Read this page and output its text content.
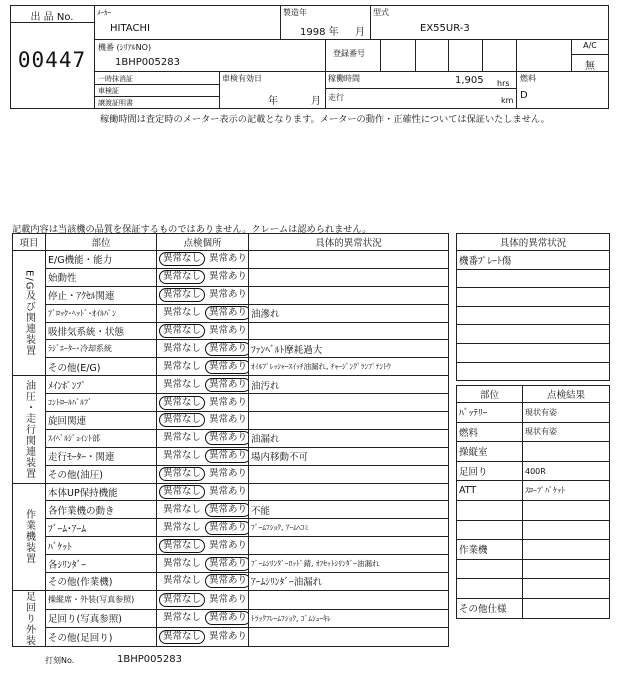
出 品 No.
00447
ﾒｰｶｰ
HITACHI
製造年
1998 年 月
型式
EX55UR-3
機番 (ｼﾘｱﾙNO)
1BHP005283
登録番号
A/C
無
一時抹消証
車検証
譲渡証明書
車検有効日
年	月
稼働時間	1,905 hrs
走行	km
燃料
D
稼働時間は査定時のメーター表示の記載となります。メーターの動作・正確性については保証いたしません。
記載内容は当該機の品質を保証するものではありません。クレームは認められません。
項目	部位	点検個所	具体的異常状況

E/G及び関連装置	E/G機能・能力	異常なし 異常あり	
	始動性	異常なし 異常あり	
	停止・ｱｸｾﾙ関連	異常なし 異常あり	
	ﾌﾞﾛｯｸ･ﾍｯﾄﾞ･ｵｲﾙﾊﾟﾝ	異常なし 異常あり	油滲れ
	吸排気系統・状態	異常なし 異常あり	
	ﾗｼﾞｴｰﾀｰ･冷却系統	異常なし 異常あり	ﾌｧﾝﾍﾞﾙﾄ摩耗過大
	その他(E/G)	異常なし 異常あり	ｵｲﾙﾌﾟﾚｯｼｬｰｽｲｯﾁ油漏れ, ﾁｬｰｼﾞﾝｸﾞﾗﾝﾌﾟﾃﾝﾄｳ

油圧・走行関連装置	ﾒｲﾝﾎﾟﾝﾌﾟ	異常なし 異常あり	油汚れ
	ｺﾝﾄﾛｰﾙﾊﾞﾙﾌﾞ	異常なし 異常あり	
	旋回関連	異常なし 異常あり	
	ｽｲﾍﾞﾙｼﾞｮｲﾝﾄ部	異常なし 異常あり	油漏れ
	走行ﾓｰﾀｰ・関連	異常なし 異常あり	場内移動不可
	その他(油圧)	異常なし 異常あり	

作業機装置	本体UP保持機能	異常なし 異常あり	
	各作業機の動き	異常なし 異常あり	不能
	ﾌﾞｰﾑ･ｱｰﾑ	異常なし 異常あり	ﾌﾞｰﾑﾌｼｮｸ, ｱｰﾑﾍｺﾐ
	ﾊﾞｹｯﾄ	異常なし 異常あり	
	各ｼﾘﾝﾀﾞｰ	異常なし 異常あり	ﾌﾞｰﾑｼﾘﾝﾀﾞｰﾛｯﾄﾞ錆, ｵﾌｾｯﾄｼﾘﾝﾀﾞｰ油漏れ
	その他(作業機)	異常なし 異常あり	ｱｰﾑｼﾘﾝﾀﾞｰ油漏れ

足回り外装	操縦席・外装(写真参照)	異常なし 異常あり	
	足回り(写真参照)	異常なし 異常あり	ﾄﾗｯｸﾌﾚｰﾑﾌｼｮｸ, ｺﾞﾑｼｭｰｷﾚ
	その他(足回り)	異常なし 異常あり	
具体的異常状況
機番ﾌﾟﾚｰﾄ傷

部位	点検結果
ﾊﾞｯﾃﾘｰ	現状有姿
燃料	現状有姿
操縦室	
足回り	400R
ATT	ｽﾛｰﾌﾟﾊﾞｹｯﾄ

作業機	

その他仕様	
打刻No.	1BHP005283
